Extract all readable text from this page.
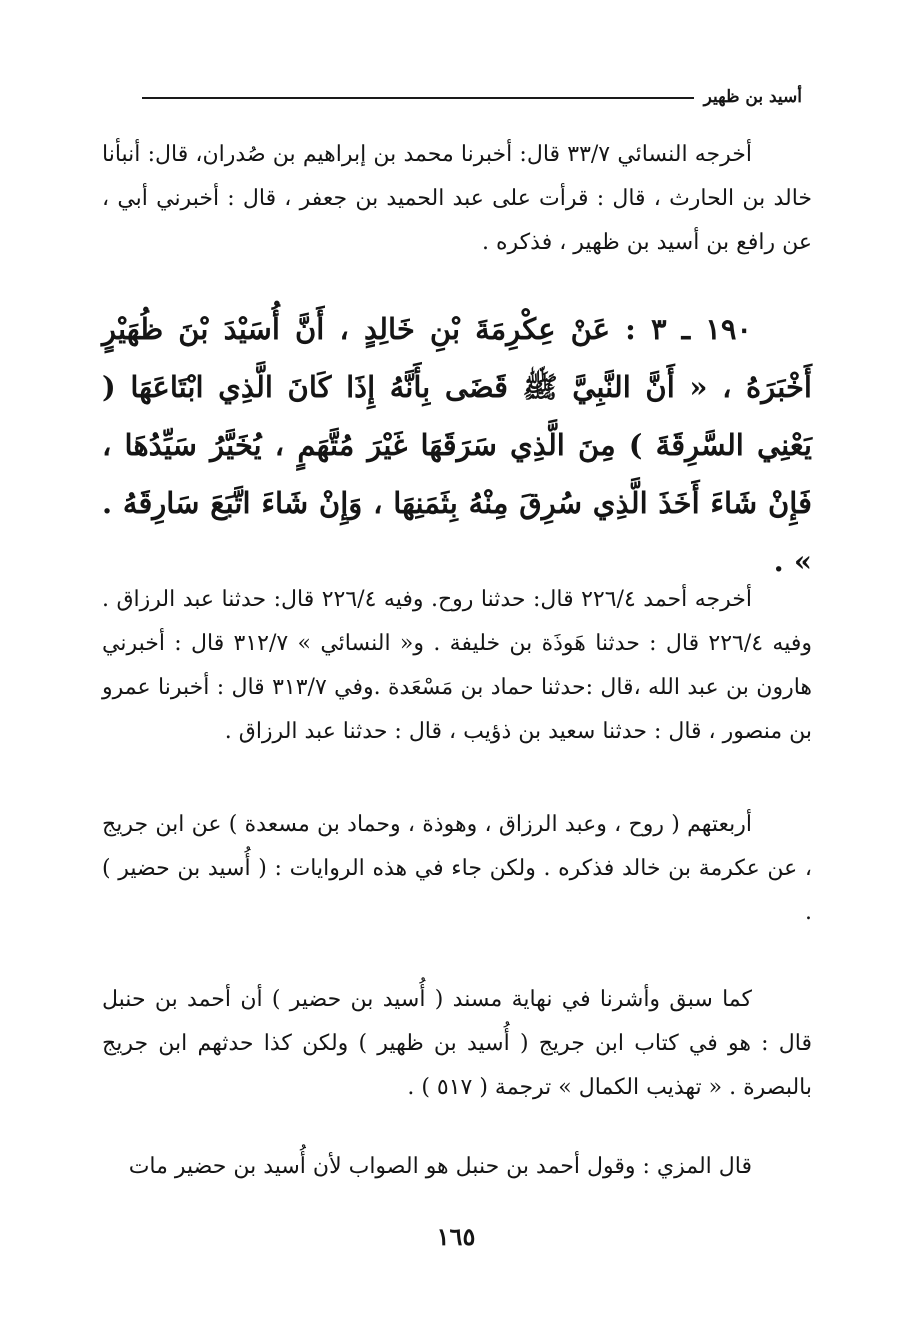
أسيد بن ظهير

أخرجه النسائي ٣٣/٧ قال: أخبرنا محمد بن إبراهيم بن صُدران، قال: أنبأنا خالد بن الحارث ، قال : قرأت على عبد الحميد بن جعفر ، قال : أخبرني أبي ، عن رافع بن أسيد بن ظهير ، فذكره .

١٩٠ ـ ٣ : عَنْ عِكْرِمَةَ بْنِ خَالِدٍ ، أَنَّ أُسَيْدَ بْنَ ظُهَيْرٍ أَخْبَرَهُ ، « أَنَّ النَّبِيَّ ﷺ قَضَى بِأَنَّهُ إِذَا كَانَ الَّذِي ابْتَاعَهَا ( يَعْنِي السَّرِقَةَ ) مِنَ الَّذِي سَرَقَهَا غَيْرَ مُتَّهَمٍ ، يُخَيَّرُ سَيِّدُهَا ، فَإِنْ شَاءَ أَخَذَ الَّذِي سُرِقَ مِنْهُ بِثَمَنِهَا ، وَإِنْ شَاءَ اتَّبَعَ سَارِقَهُ . » .

أخرجه أحمد ٢٢٦/٤ قال: حدثنا روح. وفيه ٢٢٦/٤ قال: حدثنا عبد الرزاق . وفيه ٢٢٦/٤ قال : حدثنا هَوذَة بن خليفة . و« النسائي » ٣١٢/٧ قال : أخبرني هارون بن عبد الله ،قال :حدثنا حماد بن مَسْعَدة .وفي ٣١٣/٧ قال : أخبرنا عمرو بن منصور ، قال : حدثنا سعيد بن ذؤيب ، قال : حدثنا عبد الرزاق .

أربعتهم ( روح ، وعبد الرزاق ، وهوذة ، وحماد بن مسعدة ) عن ابن جريج ، عن عكرمة بن خالد فذكره . ولكن جاء في هذه الروايات : ( أُسيد بن حضير ) .

كما سبق وأشرنا في نهاية مسند ( أُسيد بن حضير ) أن أحمد بن حنبل قال : هو في كتاب ابن جريج ( أُسيد بن ظهير ) ولكن كذا حدثهم ابن جريج بالبصرة . « تهذيب الكمال » ترجمة ( ٥١٧ ) .

قال المزي : وقول أحمد بن حنبل هو الصواب لأن أُسيد بن حضير مات

١٦٥
